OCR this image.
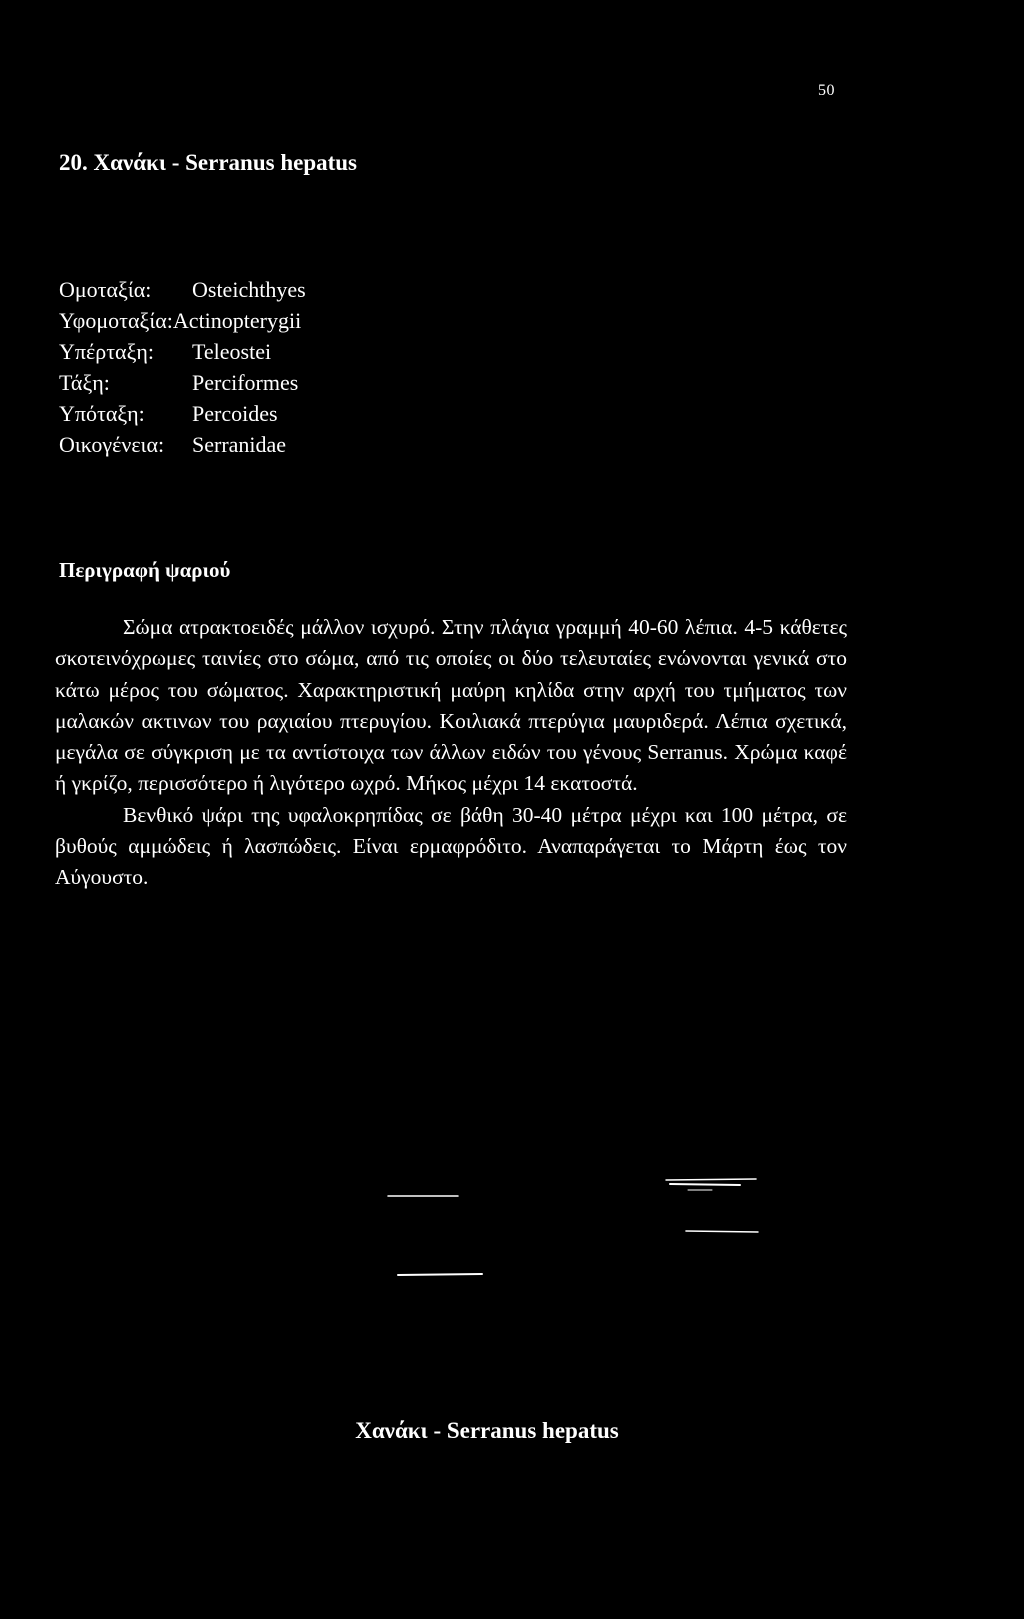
50
20. Χανάκι - Serranus hepatus
Ομοταξία:	Osteichthyes
Υφομοταξία: Actinopterygii
Υπέρταξη:	Teleostei
Τάξη:	Perciformes
Υπόταξη:	Percoides
Οικογένεια:	Serranidae
Περιγραφή ψαριού

Σώμα ατρακτοειδές μάλλον ισχυρό. Στην πλάγια γραμμή 40-60 λέπια. 4-5 κάθετες σκοτεινόχρωμες ταινίες στο σώμα, από τις οποίες οι δύο τελευταίες ενώνονται γενικά στο κάτω μέρος του σώματος. Χαρακτηριστική μαύρη κηλίδα στην αρχή του τμήματος των μαλακών ακτινων του ραχιαίου πτερυγίου. Κοιλιακά πτερύγια μαυριδερά. Λέπια σχετικά, μεγάλα σε σύγκριση με τα αντίστοιχα των άλλων ειδών του γένους Serranus. Χρώμα καφέ ή γκρίζο, περισσότερο ή λιγότερο ωχρό. Μήκος μέχρι 14 εκατοστά.

Βενθικό ψάρι της υφαλοκρηπίδας σε βάθη 30-40 μέτρα μέχρι και 100 μέτρα, σε βυθούς αμμώδεις ή λασπώδεις. Είναι ερμαφρόδιτο. Αναπαράγεται το Μάρτη έως τον Αύγουστο.

Χανάκι - Serranus hepatus
